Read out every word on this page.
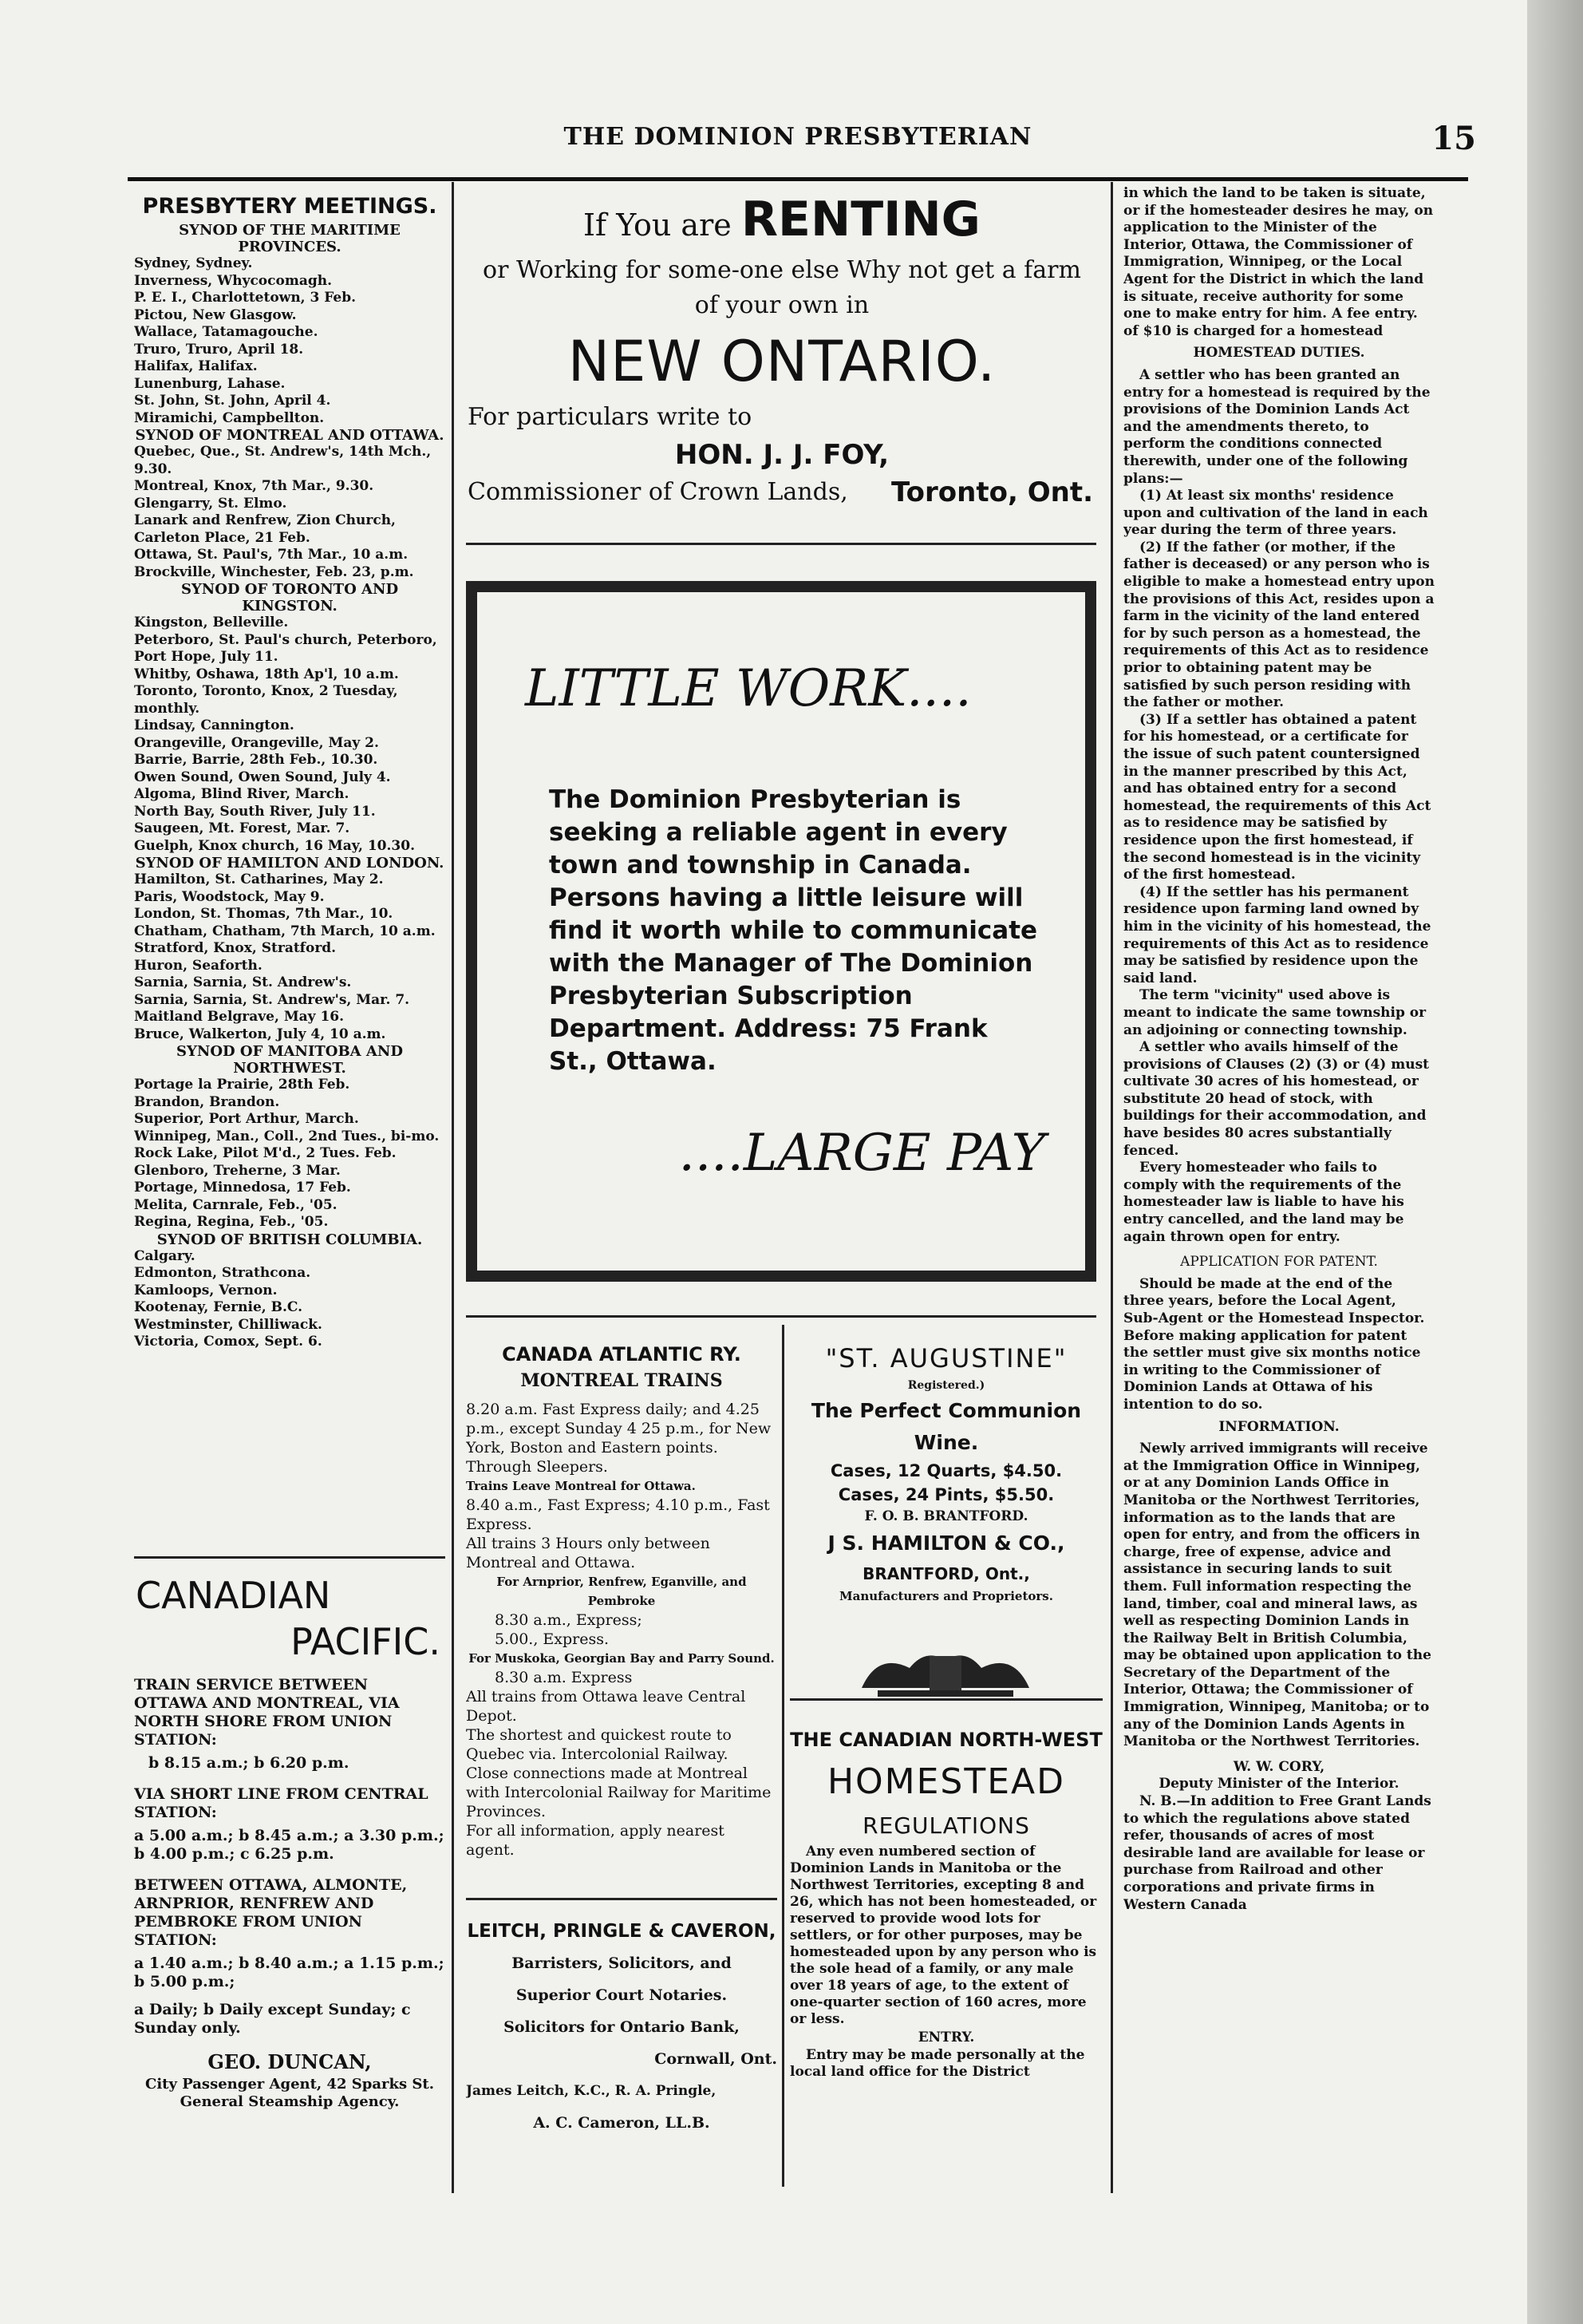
THE DOMINION PRESBYTERIAN	15
PRESBYTERY MEETINGS.
SYNOD OF THE MARITIME PROVINCES.
Sydney, Sydney.
Inverness, Whycocomagh.
P. E. I., Charlottetown, 3 Feb.
Pictou, New Glasgow.
Wallace, Tatamagouche.
Truro, Truro, April 18.
Halifax, Halifax.
Lunenburg, Lahase.
St. John, St. John, April 4.
Miramichi, Campbellton.
SYNOD OF MONTREAL AND OTTAWA.
Quebec, Que., St. Andrew's, 14th Mch., 9.30.
Montreal, Knox, 7th Mar., 9.30.
Glengarry, St. Elmo.
Lanark and Renfrew, Zion Church, Carleton Place, 21 Feb.
Ottawa, St. Paul's, 7th Mar., 10 a.m.
Brockville, Winchester, Feb. 23, p.m.
SYNOD OF TORONTO AND KINGSTON.
Kingston, Belleville.
Peterboro, St. Paul's church, Peterboro, Port Hope, July 11.
Whitby, Oshawa, 18th Ap'l, 10 a.m.
Toronto, Toronto, Knox, 2 Tuesday, monthly.
Lindsay, Cannington.
Orangeville, Orangeville, May 2.
Barrie, Barrie, 28th Feb., 10.30.
Owen Sound, Owen Sound, July 4.
Algoma, Blind River, March.
North Bay, South River, July 11.
Saugeen, Mt. Forest, Mar. 7.
Guelph, Knox church, 16 May, 10.30.
SYNOD OF HAMILTON AND LONDON.
Hamilton, St. Catharines, May 2.
Paris, Woodstock, May 9.
London, St. Thomas, 7th Mar., 10.
Chatham, Chatham, 7th March, 10 a.m.
Stratford, Knox, Stratford.
Huron, Seaforth.
Sarnia, Sarnia, St. Andrew's.
Sarnia, Sarnia, St. Andrew's, Mar. 7.
Maitland Belgrave, May 16.
Bruce, Walkerton, July 4, 10 a.m.
SYNOD OF MANITOBA AND NORTHWEST.
Portage la Prairie, 28th Feb.
Brandon, Brandon.
Superior, Port Arthur, March.
Winnipeg, Man., Coll., 2nd Tues., bi-mo.
Rock Lake, Pilot M'd., 2 Tues. Feb.
Glenboro, Treherne, 3 Mar.
Portage, Minnedosa, 17 Feb.
Melita, Carnrale, Feb., '05.
Regina, Regina, Feb., '05.
SYNOD OF BRITISH COLUMBIA.
Calgary.
Edmonton, Strathcona.
Kamloops, Vernon.
Kootenay, Fernie, B.C.
Westminster, Chilliwack.
Victoria, Comox, Sept. 6.
CANADIAN
PACIFIC.

TRAIN SERVICE BETWEEN OTTAWA AND MONTREAL, VIA NORTH SHORE FROM UNION STATION:

b 8.15 a.m.; b 6.20 p.m.

VIA SHORT LINE FROM CENTRAL STATION:

a 5.00 a.m.; b 8.45 a.m.; a 3.30 p.m.; b 4.00 p.m.; c 6.25 p.m.

BETWEEN OTTAWA, ALMONTE, ARNPRIOR, RENFREW AND PEMBROKE FROM UNION STATION:

a 1.40 a.m.; b 8.40 a.m.; a 1.15 p.m.; b 5.00 p.m.;

a Daily; b Daily except Sunday; c Sunday only.

GEO. DUNCAN,

City Passenger Agent, 42 Sparks St.

General Steamship Agency.

If You are RENTING
or Working for some-one else Why not get a farm
of your own in
NEW ONTARIO.
For particulars write to
HON. J. J. FOY,
Commissioner of Crown Lands, Toronto, Ont.
LITTLE WORK....
The Dominion Presbyterian is seeking a reliable agent in every town and township in Canada. Persons having a little leisure will find it worth while to communicate with the Manager of The Dominion Presbyterian Subscription Department. Address: 75 Frank St., Ottawa.
....LARGE PAY

CANADA ATLANTIC RY.

MONTREAL TRAINS

8.20 a.m. Fast Express daily; and 4.25 p.m., except Sunday 4 25 p.m., for New York, Boston and Eastern points. Through Sleepers.

Trains Leave Montreal for Ottawa.

8.40 a.m., Fast Express; 4.10 p.m., Fast Express.

All trains 3 Hours only between Montreal and Ottawa.

For Arnprior, Renfrew, Eganville, and Pembroke

8.30 a.m., Express;

5.00., Express.

For Muskoka, Georgian Bay and Parry Sound.

8.30 a.m. Express

All trains from Ottawa leave Central Depot.

The shortest and quickest route to Quebec via. Intercolonial Railway.

Close connections made at Montreal with Intercolonial Railway for Maritime Provinces.

For all information, apply nearest agent.

LEITCH, PRINGLE & CAVERON,

Barristers, Solicitors, and

Superior Court Notaries.

Solicitors for Ontario Bank,

Cornwall, Ont.

James Leitch, K.C., R. A. Pringle,

A. C. Cameron, LL.B.

"ST. AUGUSTINE"

Registered.)

The Perfect Communion Wine.

Cases, 12 Quarts, $4.50.

Cases, 24 Pints, $5.50.

F. O. B. BRANTFORD.

J S. HAMILTON & CO.,

BRANTFORD, Ont.,

Manufacturers and Proprietors.

THE CANADIAN NORTH-WEST

HOMESTEAD

REGULATIONS

Any even numbered section of Dominion Lands in Manitoba or the Northwest Territories, excepting 8 and 26, which has not been homesteaded, or reserved to provide wood lots for settlers, or for other purposes, may be homesteaded upon by any person who is the sole head of a family, or any male over 18 years of age, to the extent of one-quarter section of 160 acres, more or less.

ENTRY.

Entry may be made personally at the local land office for the District

in which the land to be taken is situate, or if the homesteader desires he may, on application to the Minister of the Interior, Ottawa, the Commissioner of Immigration, Winnipeg, or the Local Agent for the District in which the land is situate, receive authority for some one to make entry for him. A fee entry.

of $10 is charged for a homestead

HOMESTEAD DUTIES.

A settler who has been granted an entry for a homestead is required by the provisions of the Dominion Lands Act and the amendments thereto, to perform the conditions connected therewith, under one of the following plans:—

(1) At least six months' residence upon and cultivation of the land in each year during the term of three years.

(2) If the father (or mother, if the father is deceased) or any person who is eligible to make a homestead entry upon the provisions of this Act, resides upon a farm in the vicinity of the land entered for by such person as a homestead, the requirements of this Act as to residence prior to obtaining patent may be satisfied by such person residing with the father or mother.

(3) If a settler has obtained a patent for his homestead, or a certificate for the issue of such patent countersigned in the manner prescribed by this Act, and has obtained entry for a second homestead, the requirements of this Act as to residence may be satisfied by residence upon the first homestead, if the second homestead is in the vicinity of the first homestead.

(4) If the settler has his permanent residence upon farming land owned by him in the vicinity of his homestead, the requirements of this Act as to residence may be satisfied by residence upon the said land.

The term "vicinity" used above is meant to indicate the same township or an adjoining or connecting township.

A settler who avails himself of the provisions of Clauses (2) (3) or (4) must cultivate 30 acres of his homestead, or substitute 20 head of stock, with buildings for their accommodation, and have besides 80 acres substantially fenced.

Every homesteader who fails to comply with the requirements of the homesteader law is liable to have his entry cancelled, and the land may be again thrown open for entry.

APPLICATION FOR PATENT.

Should be made at the end of the three years, before the Local Agent, Sub-Agent or the Homestead Inspector. Before making application for patent the settler must give six months notice in writing to the Commissioner of Dominion Lands at Ottawa of his intention to do so.

INFORMATION.

Newly arrived immigrants will receive at the Immigration Office in Winnipeg, or at any Dominion Lands Office in Manitoba or the Northwest Territories, information as to the lands that are open for entry, and from the officers in charge, free of expense, advice and assistance in securing lands to suit them. Full information respecting the land, timber, coal and mineral laws, as well as respecting Dominion Lands in the Railway Belt in British Columbia, may be obtained upon application to the Secretary of the Department of the Interior, Ottawa; the Commissioner of Immigration, Winnipeg, Manitoba; or to any of the Dominion Lands Agents in Manitoba or the Northwest Territories.

W. W. CORY,

Deputy Minister of the Interior.

N. B.—In addition to Free Grant Lands to which the regulations above stated refer, thousands of acres of most desirable land are available for lease or purchase from Railroad and other corporations and private firms in Western Canada
